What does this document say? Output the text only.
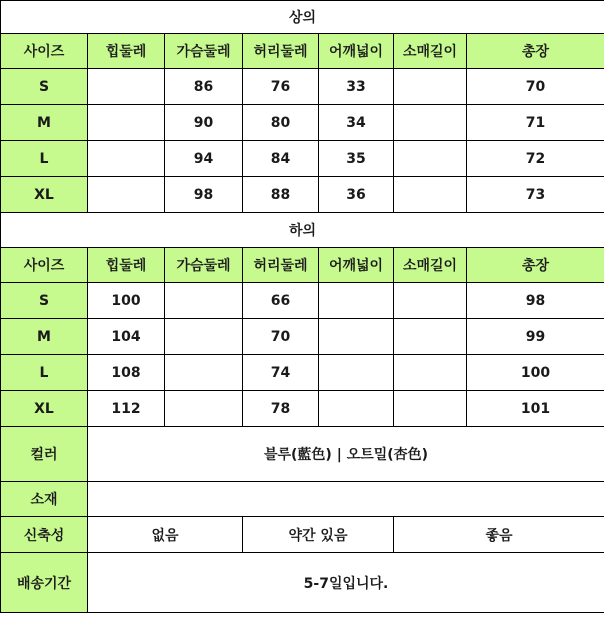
상의						
사이즈	힙둘레	가슴둘레	허리둘레	어깨넓이	소매길이	총장
S		86	76	33		70
M		90	80	34		71
L		94	84	35		72
XL		98	88	36		73
하의						
사이즈	힙둘레	가슴둘레	허리둘레	어깨넓이	소매길이	총장
S	100		66			98
M	104		70			99
L	108		74			100
XL	112		78			101
컬러	블루(藍色) | 오트밀(杏色)					
소재						
신축성	없음		약간 있음		좋음	
배송기간	5-7일입니다.					
